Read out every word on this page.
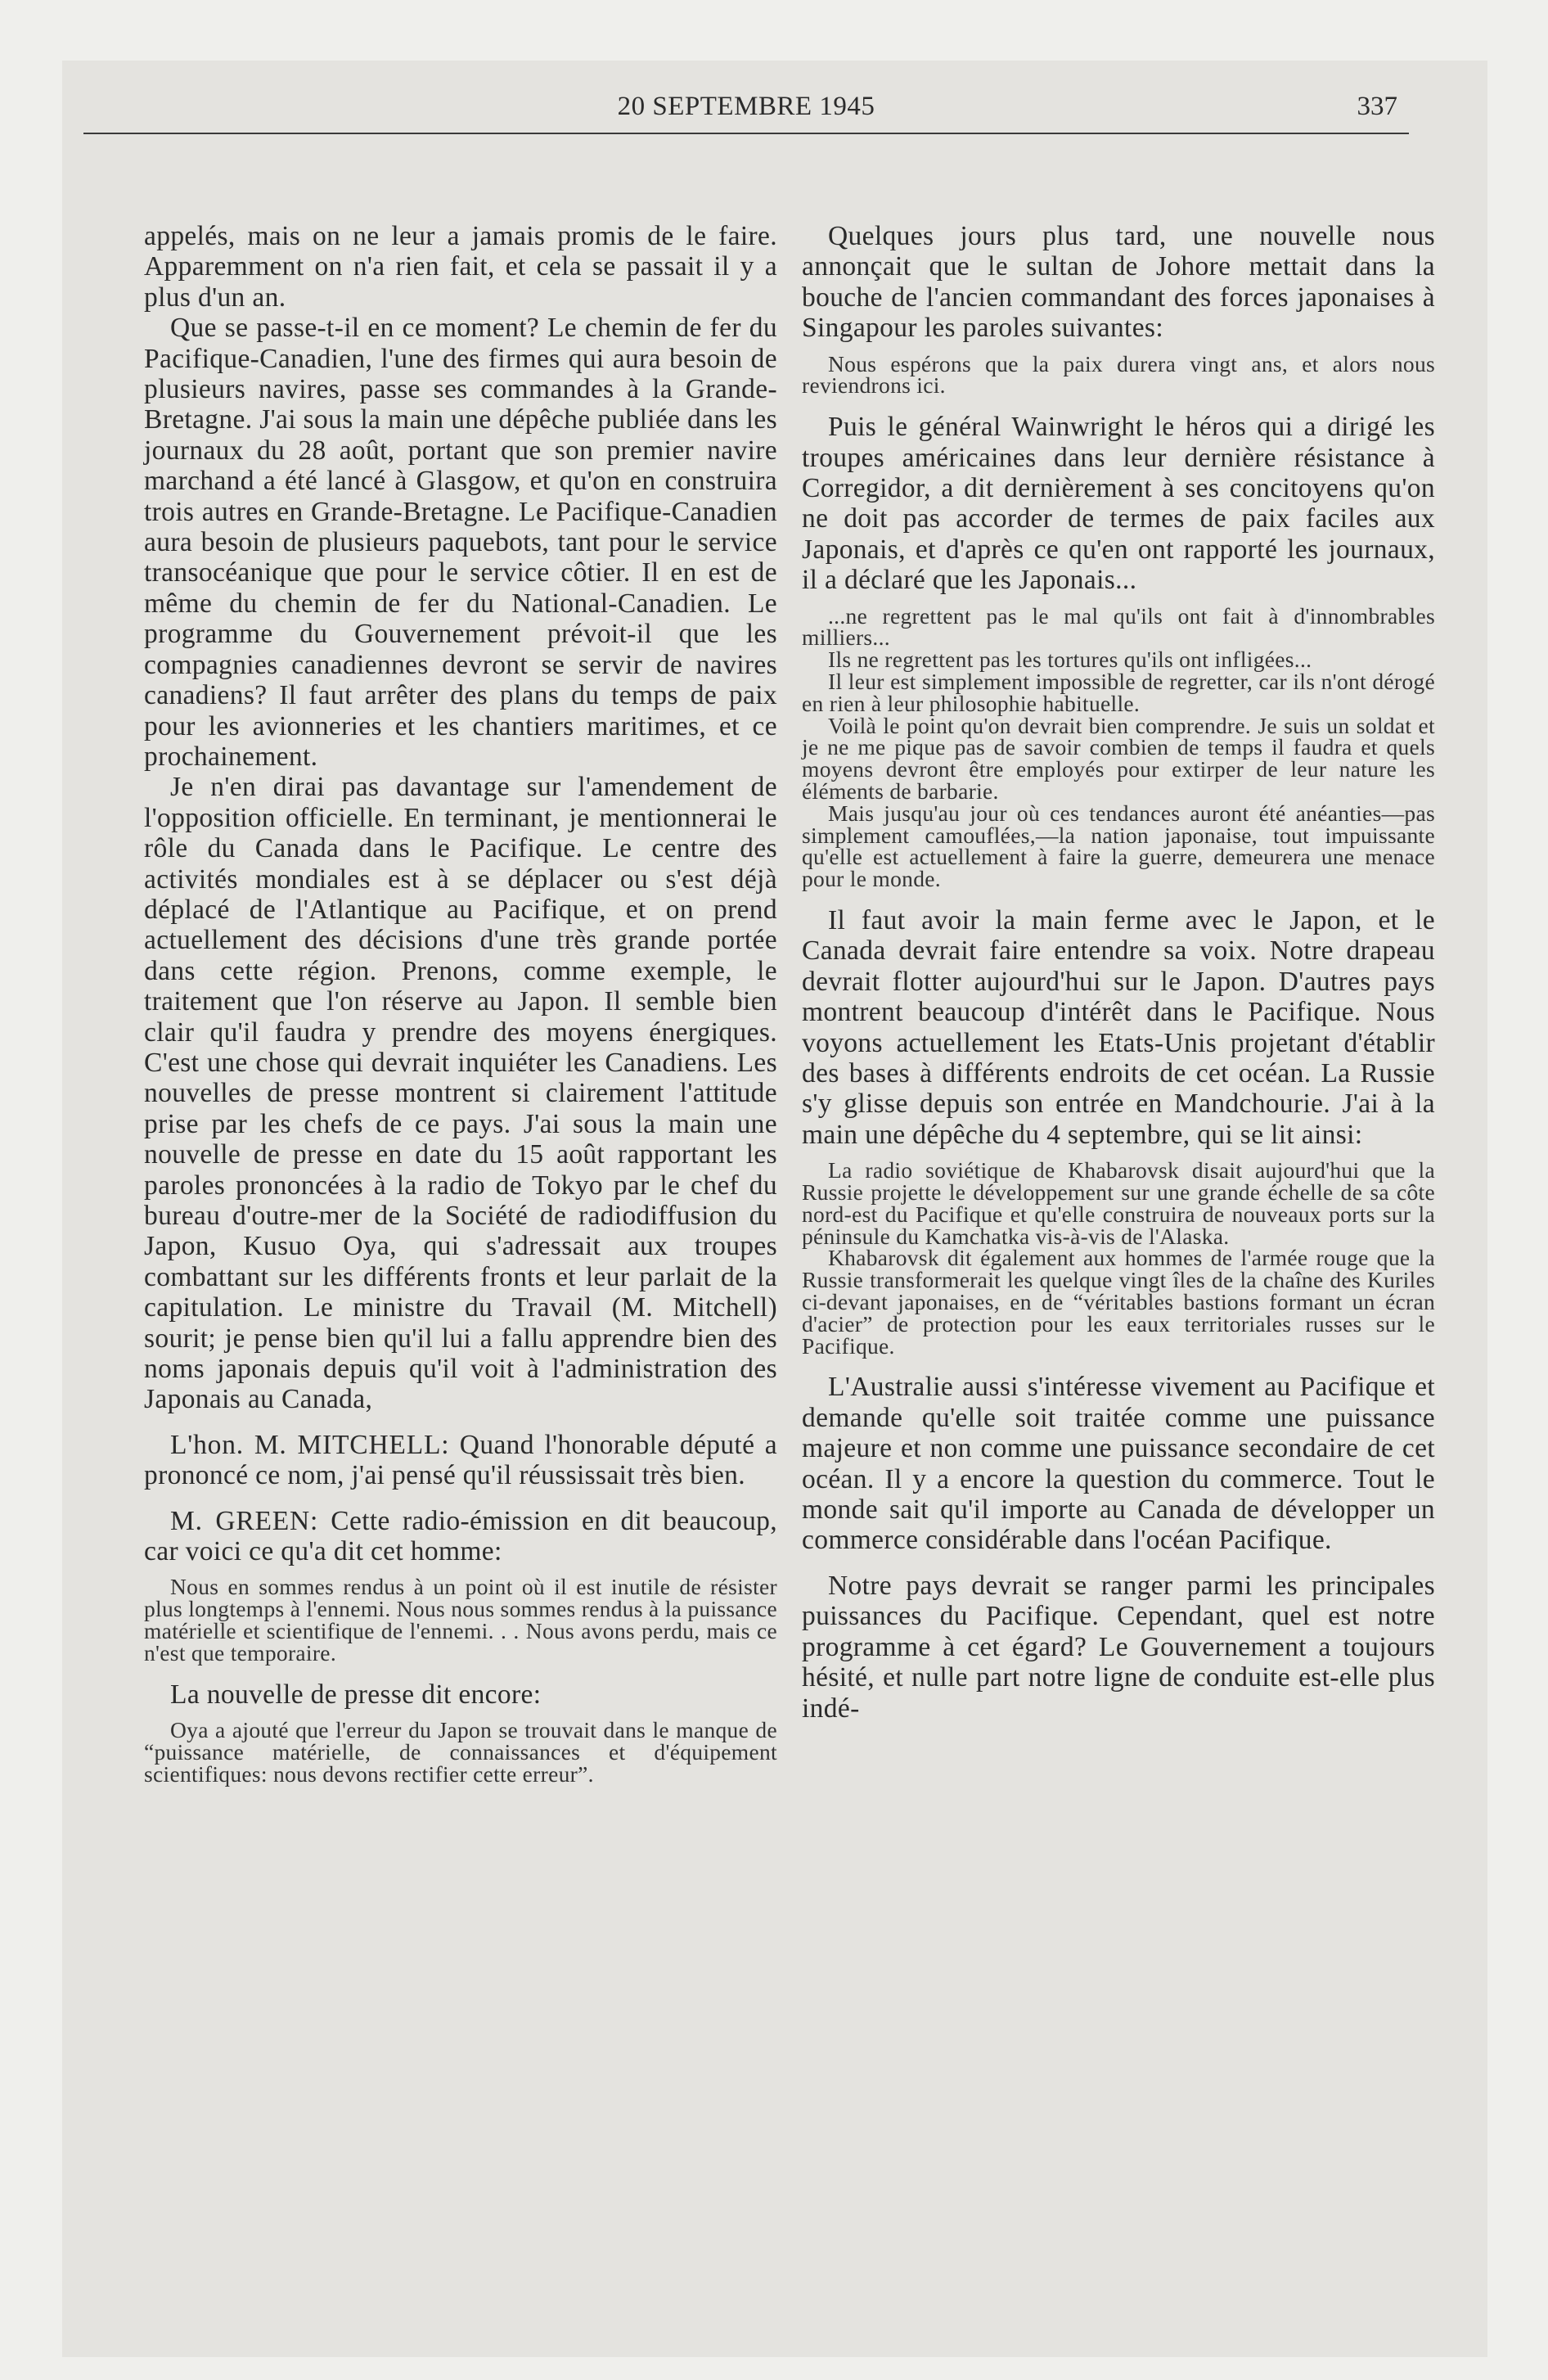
20 SEPTEMBRE 1945	337

appelés, mais on ne leur a jamais promis de le faire. Apparemment on n'a rien fait, et cela se passait il y a plus d'un an.

Que se passe-t-il en ce moment? Le chemin de fer du Pacifique-Canadien, l'une des firmes qui aura besoin de plusieurs navires, passe ses commandes à la Grande-Bretagne. J'ai sous la main une dépêche publiée dans les journaux du 28 août, portant que son premier navire marchand a été lancé à Glasgow, et qu'on en construira trois autres en Grande-Bretagne. Le Pacifique-Canadien aura besoin de plusieurs paquebots, tant pour le service transocéanique que pour le service côtier. Il en est de même du chemin de fer du National-Canadien. Le programme du Gouvernement prévoit-il que les compagnies canadiennes devront se servir de navires canadiens? Il faut arrêter des plans du temps de paix pour les avionneries et les chantiers maritimes, et ce prochainement.

Je n'en dirai pas davantage sur l'amendement de l'opposition officielle. En terminant, je mentionnerai le rôle du Canada dans le Pacifique. Le centre des activités mondiales est à se déplacer ou s'est déjà déplacé de l'Atlantique au Pacifique, et on prend actuellement des décisions d'une très grande portée dans cette région. Prenons, comme exemple, le traitement que l'on réserve au Japon. Il semble bien clair qu'il faudra y prendre des moyens énergiques. C'est une chose qui devrait inquiéter les Canadiens. Les nouvelles de presse montrent si clairement l'attitude prise par les chefs de ce pays. J'ai sous la main une nouvelle de presse en date du 15 août rapportant les paroles prononcées à la radio de Tokyo par le chef du bureau d'outre-mer de la Société de radiodiffusion du Japon, Kusuo Oya, qui s'adressait aux troupes combattant sur les différents fronts et leur parlait de la capitulation. Le ministre du Travail (M. Mitchell) sourit; je pense bien qu'il lui a fallu apprendre bien des noms japonais depuis qu'il voit à l'administration des Japonais au Canada,

L'hon. M. MITCHELL: Quand l'honorable député a prononcé ce nom, j'ai pensé qu'il réussissait très bien.

M. GREEN: Cette radio-émission en dit beaucoup, car voici ce qu'a dit cet homme:

Nous en sommes rendus à un point où il est inutile de résister plus longtemps à l'ennemi. Nous nous sommes rendus à la puissance matérielle et scientifique de l'ennemi. . . Nous avons perdu, mais ce n'est que temporaire.

La nouvelle de presse dit encore:

Oya a ajouté que l'erreur du Japon se trouvait dans le manque de “puissance matérielle, de connaissances et d'équipement scientifiques: nous devons rectifier cette erreur”.

Quelques jours plus tard, une nouvelle nous annonçait que le sultan de Johore mettait dans la bouche de l'ancien commandant des forces japonaises à Singapour les paroles suivantes:

Nous espérons que la paix durera vingt ans, et alors nous reviendrons ici.

Puis le général Wainwright le héros qui a dirigé les troupes américaines dans leur dernière résistance à Corregidor, a dit dernièrement à ses concitoyens qu'on ne doit pas accorder de termes de paix faciles aux Japonais, et d'après ce qu'en ont rapporté les journaux, il a déclaré que les Japonais...

...ne regrettent pas le mal qu'ils ont fait à d'innombrables milliers...

Ils ne regrettent pas les tortures qu'ils ont infligées...

Il leur est simplement impossible de regretter, car ils n'ont dérogé en rien à leur philosophie habituelle.

Voilà le point qu'on devrait bien comprendre. Je suis un soldat et je ne me pique pas de savoir combien de temps il faudra et quels moyens devront être employés pour extirper de leur nature les éléments de barbarie.

Mais jusqu'au jour où ces tendances auront été anéanties—pas simplement camouflées,—la nation japonaise, tout impuissante qu'elle est actuellement à faire la guerre, demeurera une menace pour le monde.

Il faut avoir la main ferme avec le Japon, et le Canada devrait faire entendre sa voix. Notre drapeau devrait flotter aujourd'hui sur le Japon. D'autres pays montrent beaucoup d'intérêt dans le Pacifique. Nous voyons actuellement les Etats-Unis projetant d'établir des bases à différents endroits de cet océan. La Russie s'y glisse depuis son entrée en Mandchourie. J'ai à la main une dépêche du 4 septembre, qui se lit ainsi:

La radio soviétique de Khabarovsk disait aujourd'hui que la Russie projette le développement sur une grande échelle de sa côte nord-est du Pacifique et qu'elle construira de nouveaux ports sur la péninsule du Kamchatka vis-à-vis de l'Alaska.

Khabarovsk dit également aux hommes de l'armée rouge que la Russie transformerait les quelque vingt îles de la chaîne des Kuriles ci-devant japonaises, en de “véritables bastions formant un écran d'acier” de protection pour les eaux territoriales russes sur le Pacifique.

L'Australie aussi s'intéresse vivement au Pacifique et demande qu'elle soit traitée comme une puissance majeure et non comme une puissance secondaire de cet océan. Il y a encore la question du commerce. Tout le monde sait qu'il importe au Canada de développer un commerce considérable dans l'océan Pacifique.

Notre pays devrait se ranger parmi les principales puissances du Pacifique. Cependant, quel est notre programme à cet égard? Le Gouvernement a toujours hésité, et nulle part notre ligne de conduite est-elle plus indé-
